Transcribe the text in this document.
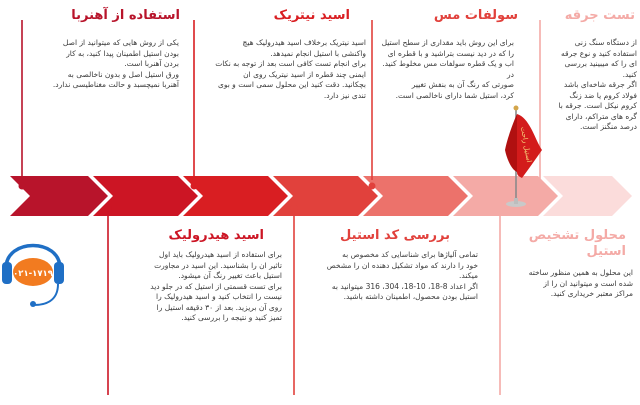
استیل راحت
۰۲۱-۱۷۱۹
استفاده از آهنربا
یکی از روش هایی که میتوانید از اصل
بودن استیل اطمینان پیدا کنید، به کار
بردن آهنربا است.
ورق استیل اصل و بدون ناخالصی به
آهنربا نمیچسبد و حالت مغناطیسی ندارد.
اسید نیتریک
اسید نیتریک برخلاف اسید هیدرولیک هیچ
واکنشی با استیل انجام نمیدهد.
برای انجام تست کافی است بعد از توجه به نکات
ایمنی چند قطره از اسید نیتریک روی ان
بچکانید. دقت کنید این محلول سمی است و بوی
تندی نیز دارد.
سولفات مس
برای این روش باید مقداری از سطح استیل
را که در دید نیست بتراشید و با قطره ای
اب و یک قطره سولفات مس مخلوط کنید. در
صورتی که رنگ آن به بنفش تغییر
کرد، استیل شما دارای ناخالصی است.
تست جرقه
از دستگاه سنگ زنی
استفاده کنید و نوع جرقه
ای را که میبینید بررسی
کنید.
اگر جرقه شاخه‌ای باشد
فولاد کروم یا ضد زنگ
کروم نیکل است. جرقه با
گره های متراکم، دارای
درصد منگنز است.
اسید هیدرولیک
برای استفاده از اسید هیدرولیک باید اول
تاثیر ان را بشناسید. این اسید در مجاورت
استیل باعث تغییر رنگ آن میشود.
برای تست قسمتی از استیل که در جلو دید
نیست را انتخاب کنید و اسید هیدرولیک را
روی آن بریزید. بعد از ۳۰ دقیقه استیل را
تمیز کنید و نتیجه را بررسی کنید.
بررسی کد استیل
تمامی آلیاژها برای شناسایی کد مخصوص به
خود را دارند که مواد تشکیل دهنده ان را مشخص
میکند.
اگر اعداد 8-18، 10-18، 304، 316 میتوانید به
استیل بودن محصول، اطمینان داشته باشید.
محلول تشخیص
استیل
این محلول به همین منظور ساخته
شده است و میتوانید ان را از
مراکز معتبر خریداری کنید.
